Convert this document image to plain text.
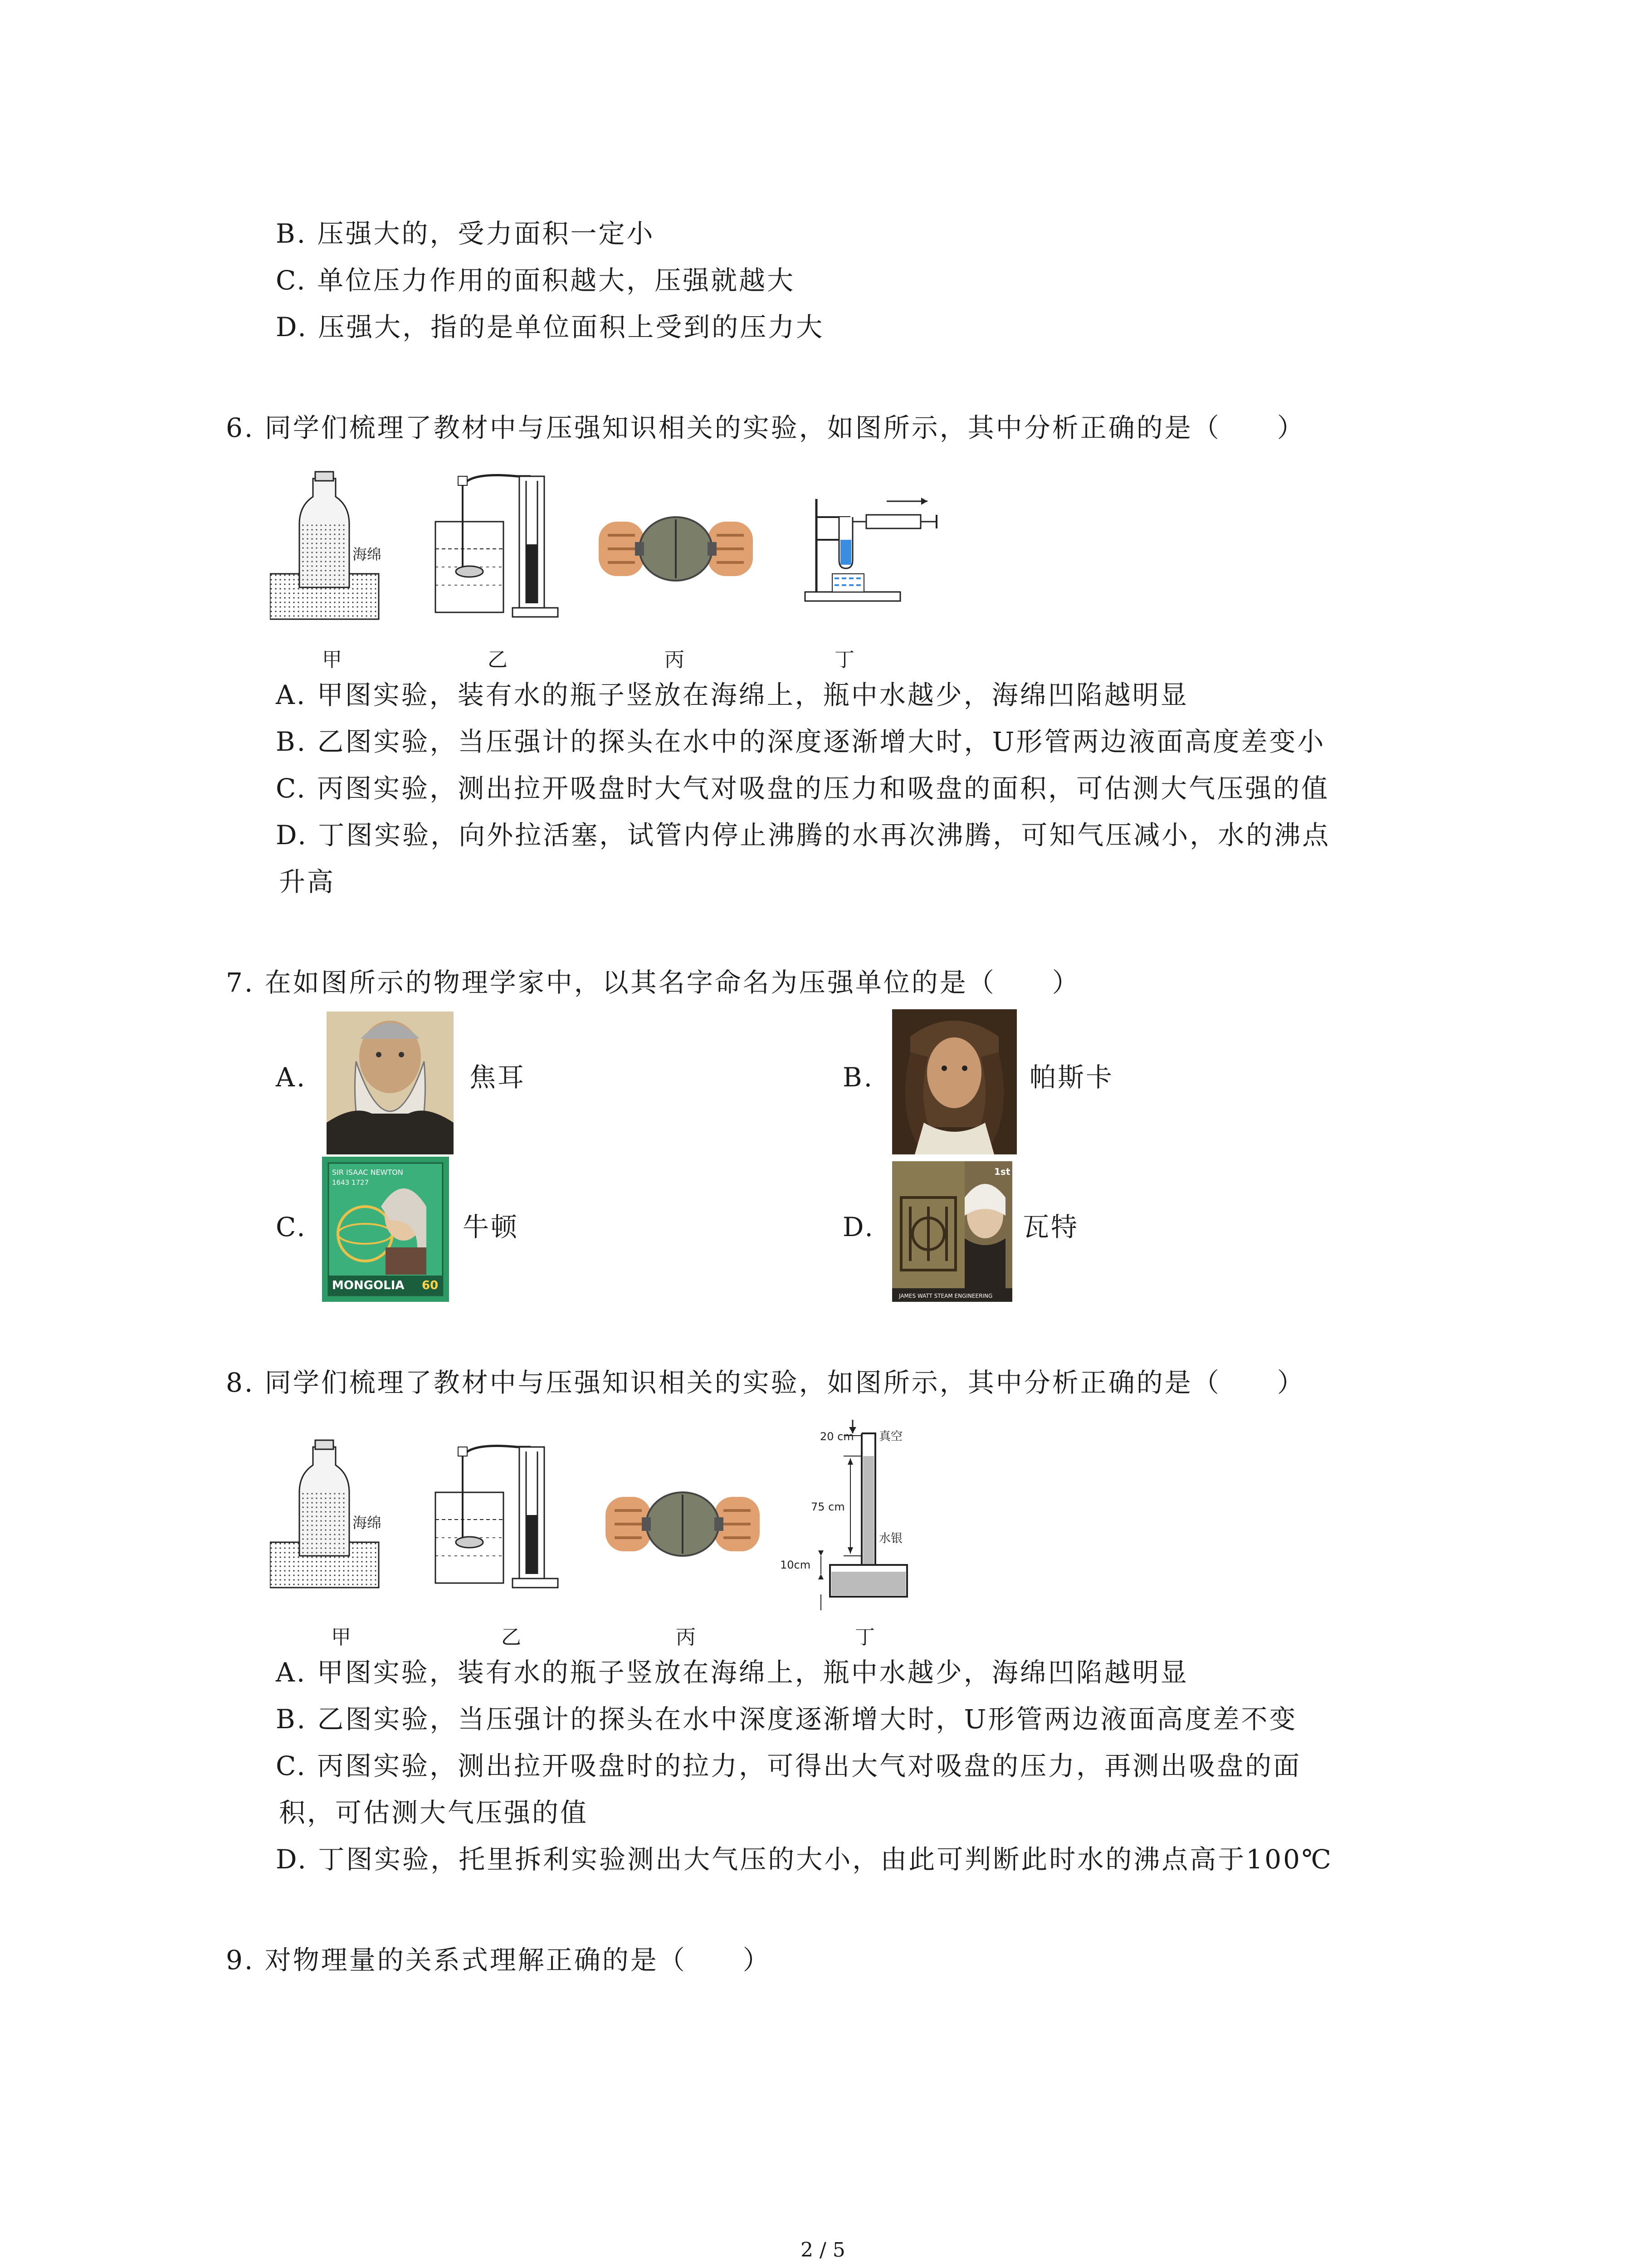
B. 压强大的，受力面积一定小
C. 单位压力作用的面积越大，压强就越大
D. 压强大，指的是单位面积上受到的压力大
6. 同学们梳理了教材中与压强知识相关的实验，如图所示，其中分析正确的是（　　）
海绵
甲	乙	丙	丁
A. 甲图实验，装有水的瓶子竖放在海绵上，瓶中水越少，海绵凹陷越明显
B. 乙图实验，当压强计的探头在水中的深度逐渐增大时，U形管两边液面高度差变小
C. 丙图实验，测出拉开吸盘时大气对吸盘的压力和吸盘的面积，可估测大气压强的值
D. 丁图实验，向外拉活塞，试管内停止沸腾的水再次沸腾，可知气压减小，水的沸点
升高
7. 在如图所示的物理学家中，以其名字命名为压强单位的是（　　）
A.	焦耳	B.	帕斯卡
C.
SIR ISAAC NEWTON
1643 1727
MONGOLIA 60
牛顿	D.
1st
JAMES WATT STEAM ENGINEERING
瓦特
8. 同学们梳理了教材中与压强知识相关的实验，如图所示，其中分析正确的是（　　）
海绵
20 cm 真空
75 cm
水银
10cm
甲	乙	丙	丁
A. 甲图实验，装有水的瓶子竖放在海绵上，瓶中水越少，海绵凹陷越明显
B. 乙图实验，当压强计的探头在水中深度逐渐增大时，U形管两边液面高度差不变
C. 丙图实验，测出拉开吸盘时的拉力，可得出大气对吸盘的压力，再测出吸盘的面
积，可估测大气压强的值
D. 丁图实验，托里拆利实验测出大气压的大小，由此可判断此时水的沸点高于100℃
9. 对物理量的关系式理解正确的是（　　）
2 / 5
